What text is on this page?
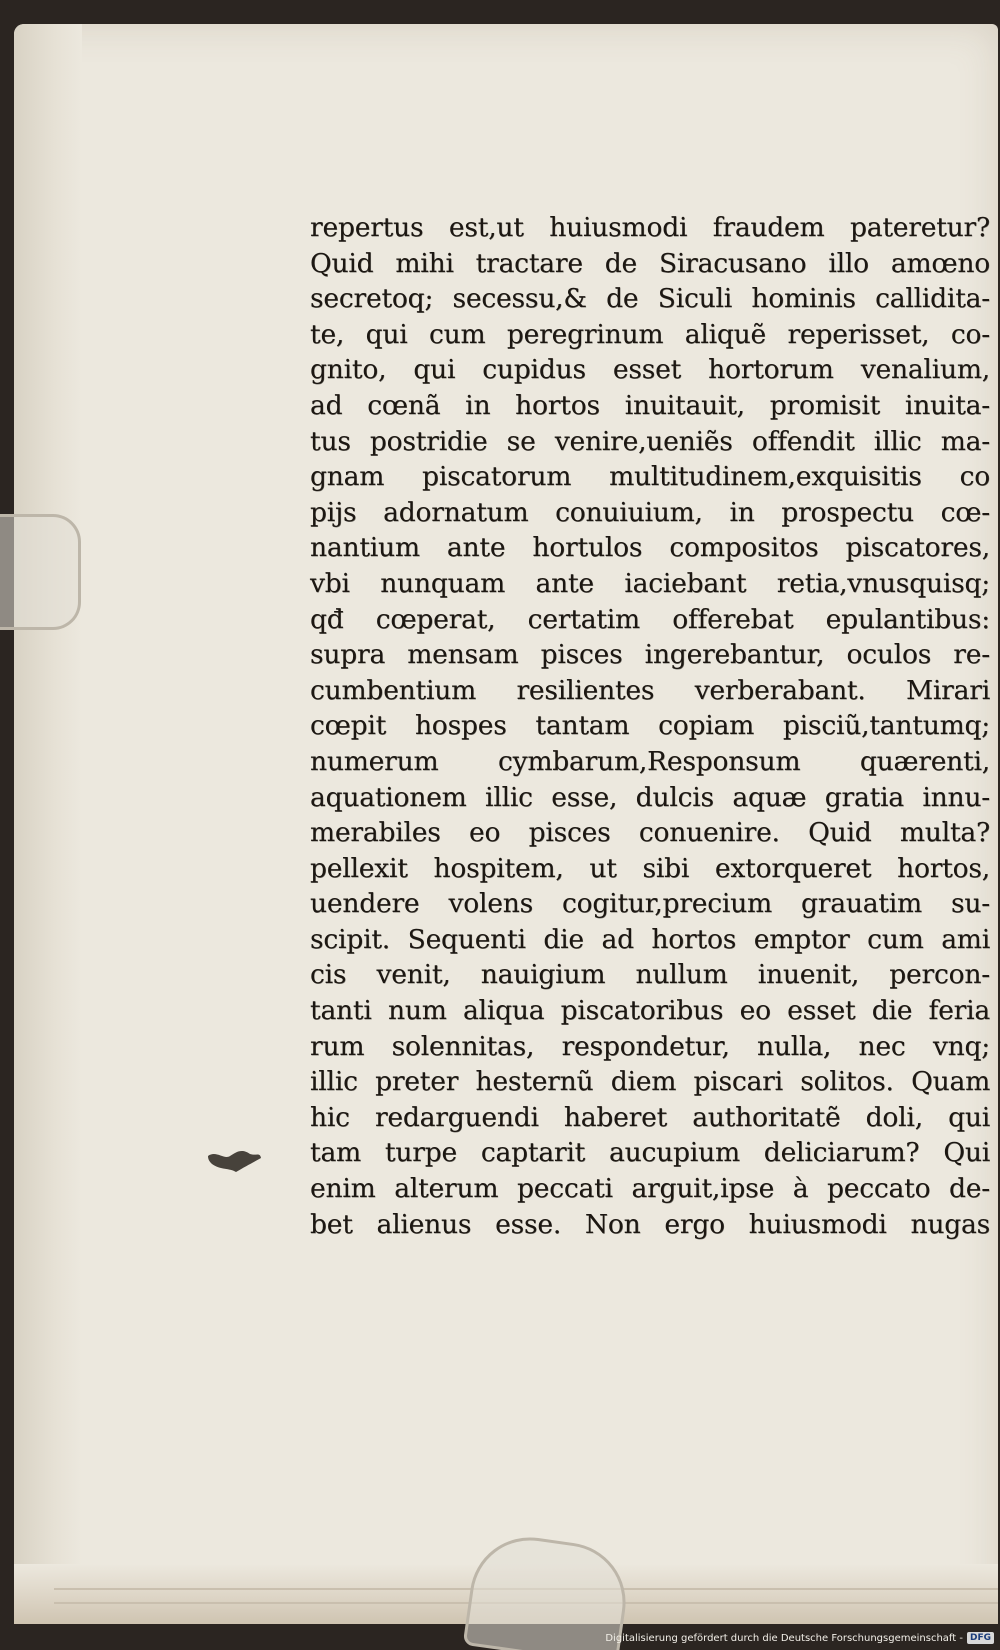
repertus est,ut huiusmodi fraudem pateretur?
Quid mihi tractare de Siracusano illo amœno
secretoq; secessu,& de Siculi hominis callidita-
te, qui cum peregrinum aliquẽ reperisset, co-
gnito, qui cupidus esset hortorum venalium,
ad cœnã in hortos inuitauit, promisit inuita-
tus postridie se venire,ueniẽs offendit illic ma-
gnam piscatorum multitudinem,exquisitis co
pijs adornatum conuiuium, in prospectu cœ-
nantium ante hortulos compositos piscatores,
vbi nunquam ante iaciebant retia,vnusquisq;
qđ cœperat, certatim offerebat epulantibus:
supra mensam pisces ingerebantur, oculos re-
cumbentium resilientes verberabant. Mirari
cœpit hospes tantam copiam pisciũ,tantumq;
numerum cymbarum,Responsum quærenti,
aquationem illic esse, dulcis aquæ gratia innu-
merabiles eo pisces conuenire. Quid multa?
pellexit hospitem, ut sibi extorqueret hortos,
uendere volens cogitur,precium grauatim su-
scipit. Sequenti die ad hortos emptor cum ami
cis venit, nauigium nullum inuenit, percon-
tanti num aliqua piscatoribus eo esset die feria
rum solennitas, respondetur, nulla, nec vnq;
illic preter hesternũ diem piscari solitos. Quam
hic redarguendi haberet authoritatẽ doli, qui
tam turpe captarit aucupium deliciarum? Qui
enim alterum peccati arguit,ipse à peccato de-
bet alienus esse. Non ergo huiusmodi nugas
Digitalisierung gefördert durch die Deutsche Forschungsgemeinschaft - DFG
